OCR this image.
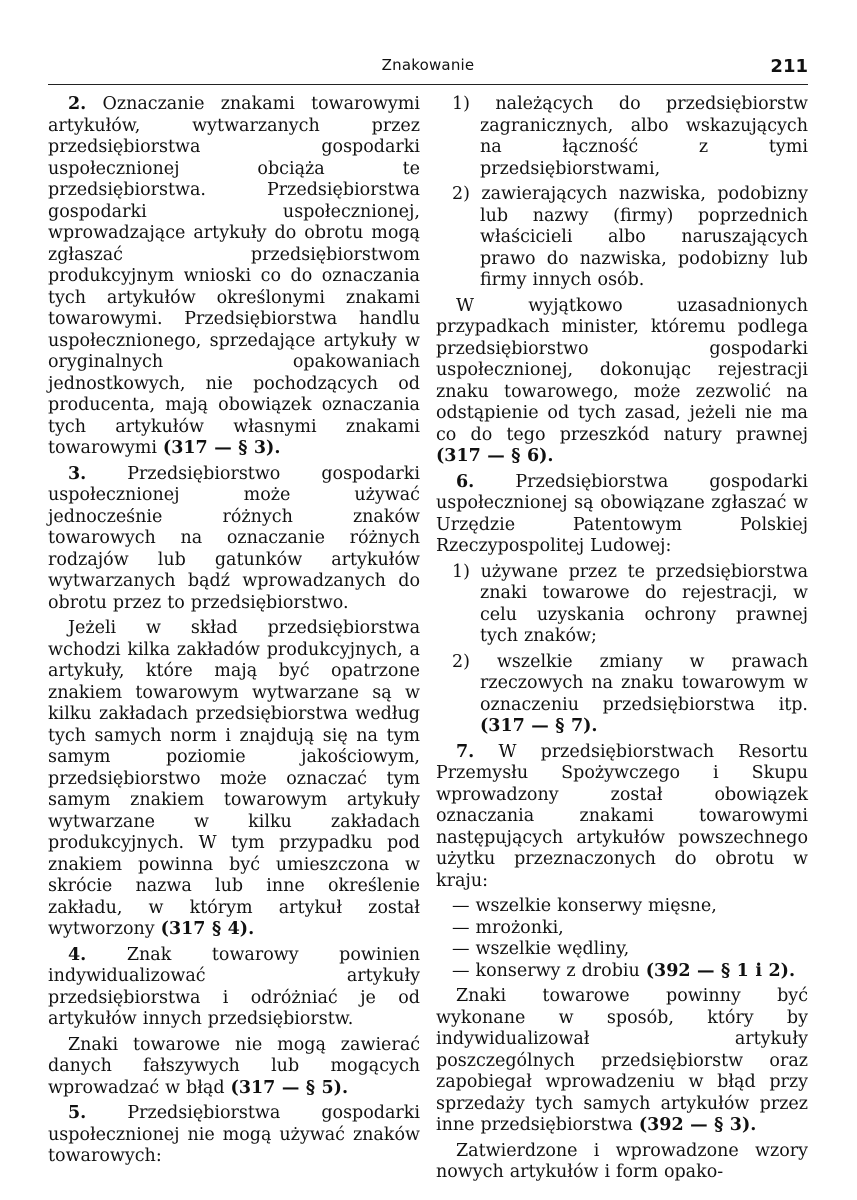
Znakowanie	211

2. Oznaczanie znakami towarowymi artykułów, wytwarzanych przez przedsiębiorstwa gospodarki uspołecznionej obciąża te przedsiębiorstwa. Przedsiębiorstwa gospodarki uspołecznionej, wprowadzające artykuły do obrotu mogą zgłaszać przedsiębiorstwom produkcyjnym wnioski co do oznaczania tych artykułów określonymi znakami towarowymi. Przedsiębiorstwa handlu uspołecznionego, sprzedające artykuły w oryginalnych opakowaniach jednostkowych, nie pochodzących od producenta, mają obowiązek oznaczania tych artykułów własnymi znakami towarowymi (317 — § 3).

3. Przedsiębiorstwo gospodarki uspołecznionej może używać jednocześnie różnych znaków towarowych na oznaczanie różnych rodzajów lub gatunków artykułów wytwarzanych bądź wprowadzanych do obrotu przez to przedsiębiorstwo.

Jeżeli w skład przedsiębiorstwa wchodzi kilka zakładów produkcyjnych, a artykuły, które mają być opatrzone znakiem towarowym wytwarzane są w kilku zakładach przedsiębiorstwa według tych samych norm i znajdują się na tym samym poziomie jakościowym, przedsiębiorstwo może oznaczać tym samym znakiem towarowym artykuły wytwarzane w kilku zakładach produkcyjnych. W tym przypadku pod znakiem powinna być umieszczona w skrócie nazwa lub inne określenie zakładu, w którym artykuł został wytworzony (317 § 4).

4. Znak towarowy powinien indywidualizować artykuły przedsiębiorstwa i odróżniać je od artykułów innych przedsiębiorstw.

Znaki towarowe nie mogą zawierać danych fałszywych lub mogących wprowadzać w błąd (317 — § 5).

5. Przedsiębiorstwa gospodarki uspołecznionej nie mogą używać znaków towarowych:

1) należących do przedsiębiorstw zagranicznych, albo wskazujących na łączność z tymi przedsiębiorstwami,

2) zawierających nazwiska, podobizny lub nazwy (firmy) poprzednich właścicieli albo naruszających prawo do nazwiska, podobizny lub firmy innych osób.

W wyjątkowo uzasadnionych przypadkach minister, któremu podlega przedsiębiorstwo gospodarki uspołecznionej, dokonując rejestracji znaku towarowego, może zezwolić na odstąpienie od tych zasad, jeżeli nie ma co do tego przeszkód natury prawnej (317 — § 6).

6. Przedsiębiorstwa gospodarki uspołecznionej są obowiązane zgłaszać w Urzędzie Patentowym Polskiej Rzeczypospolitej Ludowej:

1) używane przez te przedsiębiorstwa znaki towarowe do rejestracji, w celu uzyskania ochrony prawnej tych znaków;

2) wszelkie zmiany w prawach rzeczowych na znaku towarowym w oznaczeniu przedsiębiorstwa itp. (317 — § 7).

7. W przedsiębiorstwach Resortu Przemysłu Spożywczego i Skupu wprowadzony został obowiązek oznaczania znakami towarowymi następujących artykułów powszechnego użytku przeznaczonych do obrotu w kraju:

— wszelkie konserwy mięsne,

— mrożonki,

— wszelkie wędliny,

— konserwy z drobiu (392 — § 1 i 2).

Znaki towarowe powinny być wykonane w sposób, który by indywidualizował artykuły poszczególnych przedsiębiorstw oraz zapobiegał wprowadzeniu w błąd przy sprzedaży tych samych artykułów przez inne przedsiębiorstwa (392 — § 3).

Zatwierdzone i wprowadzone wzory nowych artykułów i form opako-
